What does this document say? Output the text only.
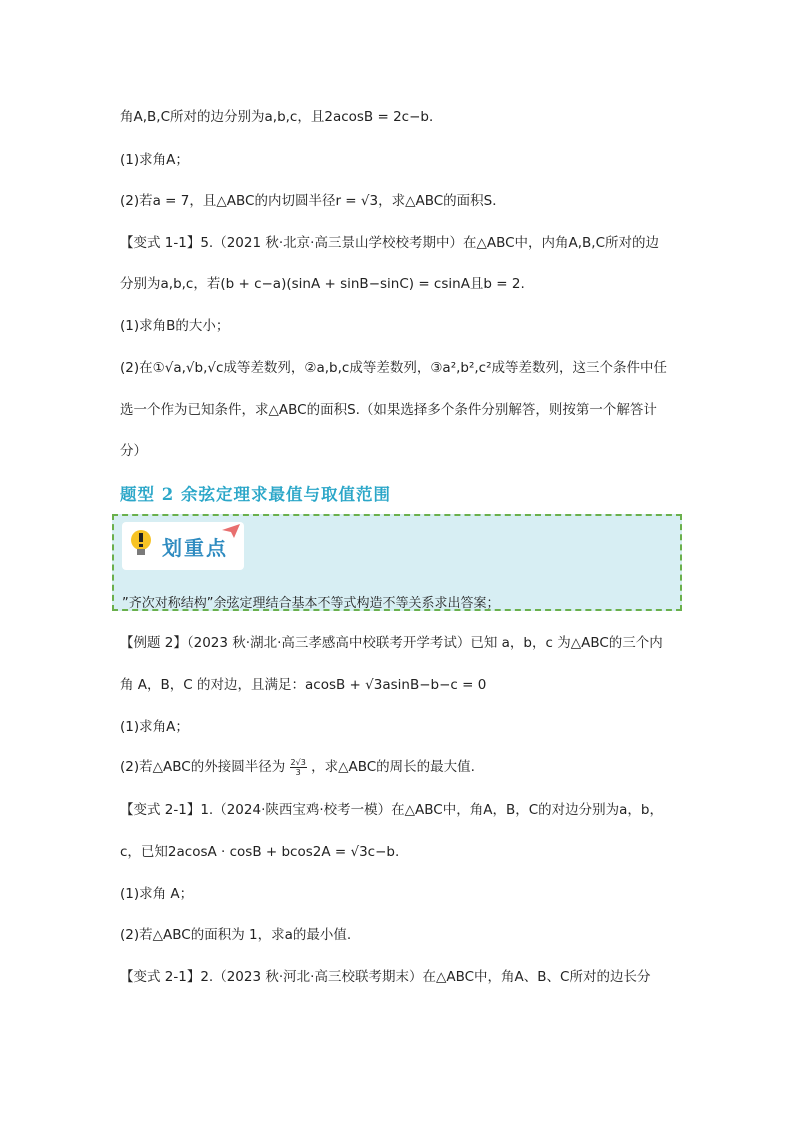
角A,B,C所对的边分别为a,b,c，且2acosB = 2c−b．
(1)求角A；
(2)若a = 7，且△ABC的内切圆半径r = √3，求△ABC的面积S．
【变式 1-1】5.（2021 秋·北京·高三景山学校校考期中）在△ABC中，内角A,B,C所对的边
分别为a,b,c，若(b + c−a)(sinA + sinB−sinC) = csinA且b = 2.
(1)求角B的大小；
(2)在①√a,√b,√c成等差数列，②a,b,c成等差数列，③a²,b²,c²成等差数列，这三个条件中任
选一个作为已知条件，求△ABC的面积S.（如果选择多个条件分别解答，则按第一个解答计
分）
题型 2 余弦定理求最值与取值范围
划重点
”齐次对称结构”余弦定理结合基本不等式构造不等关系求出答案；
【例题 2】（2023 秋·湖北·高三孝感高中校联考开学考试）已知 a，b，c 为△ABC的三个内
角 A，B，C 的对边，且满足：acosB + √3asinB−b−c = 0
(1)求角A；
(2)若△ABC的外接圆半径为 $\frac{2√3}{3}$ ，求△ABC的周长的最大值.
【变式 2-1】1.（2024·陕西宝鸡·校考一模）在△ABC中，角A，B，C的对边分别为a，b，
c，已知2acosA · cosB + bcos2A = √3c−b.
(1)求角 A；
(2)若△ABC的面积为 1，求a的最小值.
【变式 2-1】2.（2023 秋·河北·高三校联考期末）在△ABC中，角A、B、C所对的边长分
